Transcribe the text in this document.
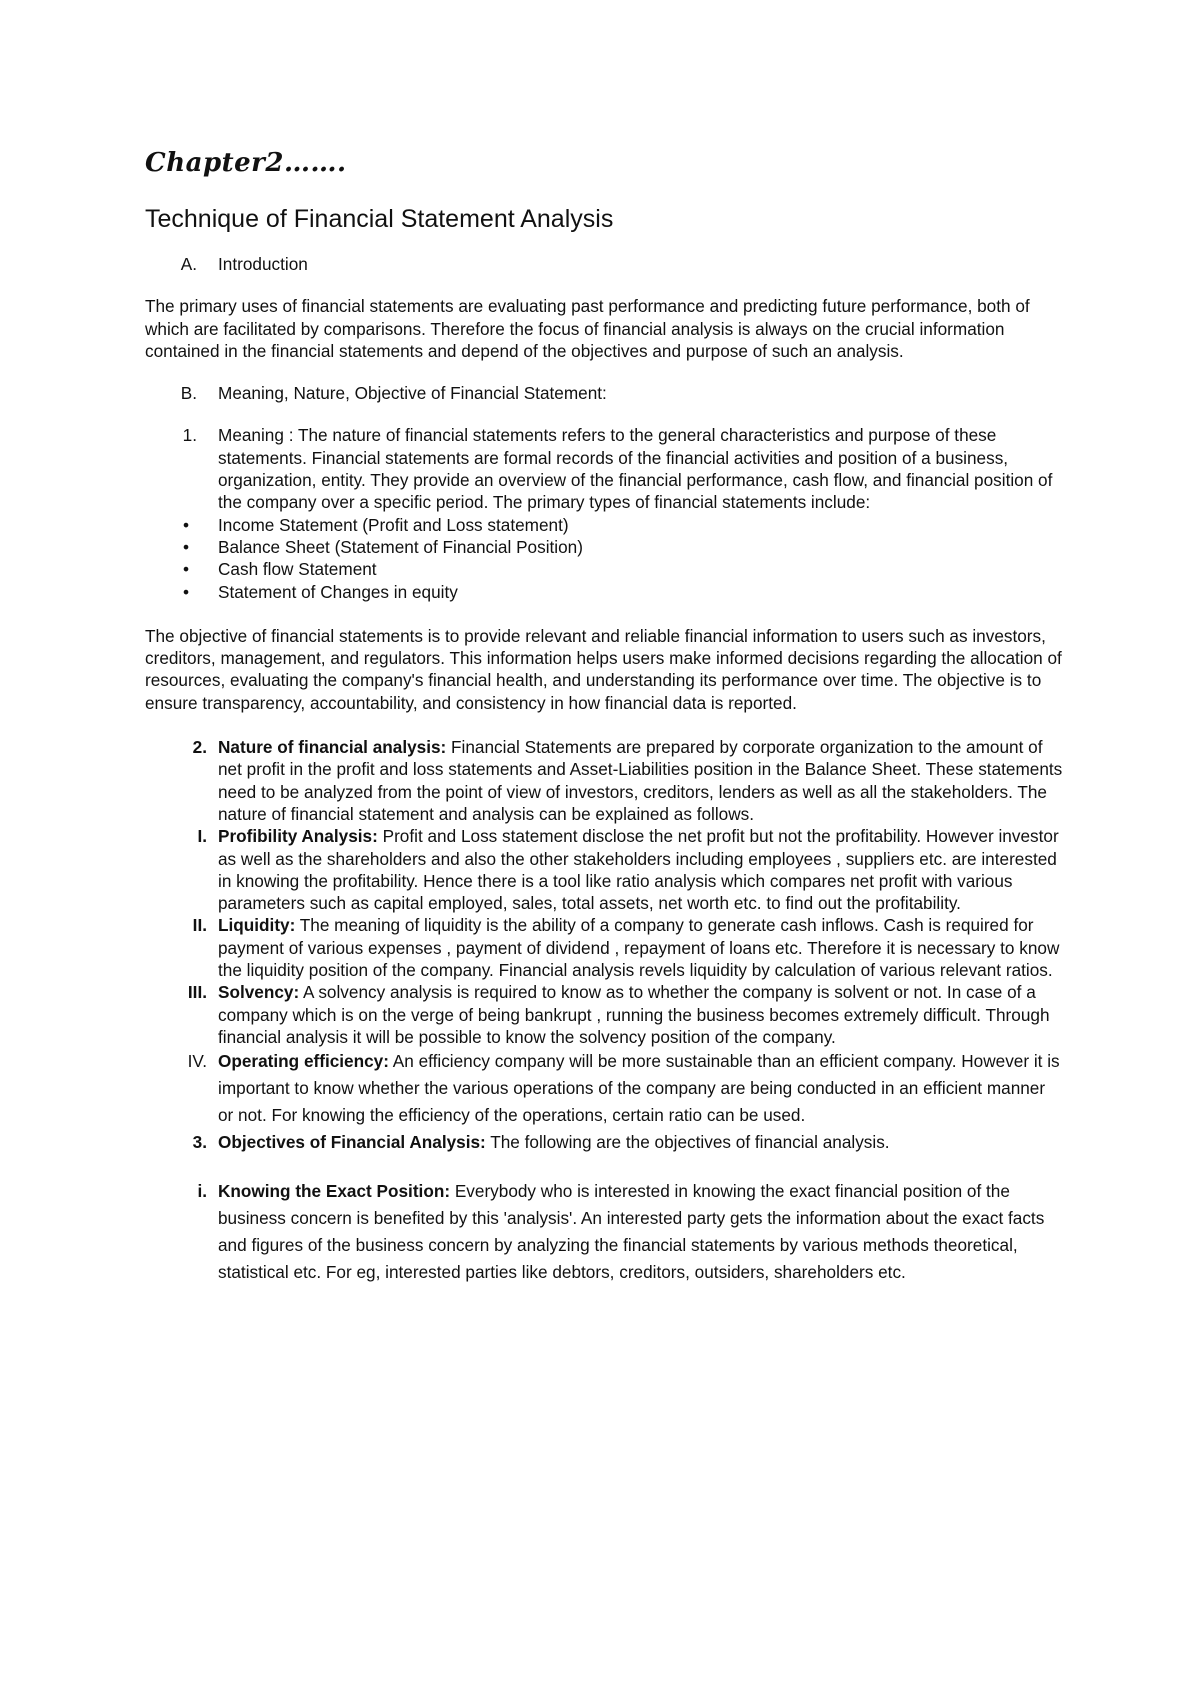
Chapter2…….
Technique of Financial Statement Analysis
A. Introduction

The primary uses of financial statements are evaluating past performance and predicting future performance, both of which are facilitated by comparisons. Therefore the focus of financial analysis is always on the crucial information contained in the financial statements and depend of the objectives and purpose of such an analysis.

B. Meaning, Nature, Objective of Financial Statement:
1. Meaning : The nature of financial statements refers to the general characteristics and purpose of these statements. Financial statements are formal records of the financial activities and position of a business, organization, entity. They provide an overview of the financial performance, cash flow, and financial position of the company over a specific period. The primary types of financial statements include:
• Income Statement (Profit and Loss statement)
• Balance Sheet (Statement of Financial Position)
• Cash flow Statement
• Statement of Changes in equity

The objective of financial statements is to provide relevant and reliable financial information to users such as investors, creditors, management, and regulators. This information helps users make informed decisions regarding the allocation of resources, evaluating the company's financial health, and understanding its performance over time. The objective is to ensure transparency, accountability, and consistency in how financial data is reported.

2. Nature of financial analysis: Financial Statements are prepared by corporate organization to the amount of net profit in the profit and loss statements and Asset-Liabilities position in the Balance Sheet. These statements need to be analyzed from the point of view of investors, creditors, lenders as well as all the stakeholders. The nature of financial statement and analysis can be explained as follows.
I. Profibility Analysis: Profit and Loss statement disclose the net profit but not the profitability. However investor as well as the shareholders and also the other stakeholders including employees , suppliers etc. are interested in knowing the profitability. Hence there is a tool like ratio analysis which compares net profit with various parameters such as capital employed, sales, total assets, net worth etc. to find out the profitability.
II. Liquidity: The meaning of liquidity is the ability of a company to generate cash inflows. Cash is required for payment of various expenses , payment of dividend , repayment of loans etc. Therefore it is necessary to know the liquidity position of the company. Financial analysis revels liquidity by calculation of various relevant ratios.
III. Solvency: A solvency analysis is required to know as to whether the company is solvent or not. In case of a company which is on the verge of being bankrupt , running the business becomes extremely difficult. Through financial analysis it will be possible to know the solvency position of the company.
IV. Operating efficiency: An efficiency company will be more sustainable than an efficient company. However it is important to know whether the various operations of the company are being conducted in an efficient manner or not. For knowing the efficiency of the operations, certain ratio can be used.
3. Objectives of Financial Analysis: The following are the objectives of financial analysis.
i. Knowing the Exact Position: Everybody who is interested in knowing the exact financial position of the business concern is benefited by this 'analysis'. An interested party gets the information about the exact facts and figures of the business concern by analyzing the financial statements by various methods theoretical, statistical etc. For eg, interested parties like debtors, creditors, outsiders, shareholders etc.
